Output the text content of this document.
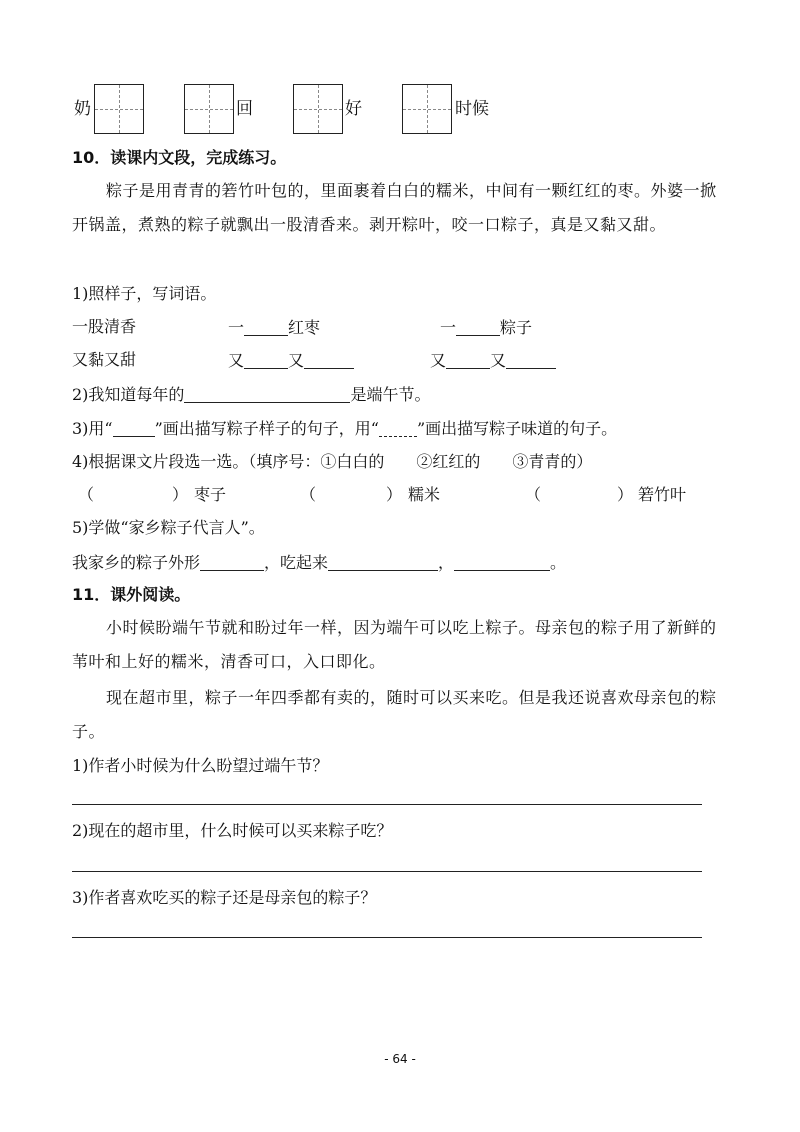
奶	回	好	时候
10．读课内文段，完成练习。
粽子是用青青的箬竹叶包的，里面裹着白白的糯米，中间有一颗红红的枣。外婆一掀开锅盖，煮熟的粽子就飘出一股清香来。剥开粽叶，咬一口粽子，真是又黏又甜。
1)照样子，写词语。
一股清香	一	红枣	一	粽子
又黏又甜	又	又	又	又
2)我知道每年的	是端午节。
3)用“	”画出描写粽子样子的句子，用“ ”画出描写粽子味道的句子。
4)根据课文片段选一选。（填序号：①白白的　　②红红的　　③青青的）
（	） 枣子	（	） 糯米	（	） 箬竹叶
5)学做“家乡粽子代言人”。
我家乡的粽子外形	，吃起来	，	。
11．课外阅读。
小时候盼端午节就和盼过年一样，因为端午可以吃上粽子。母亲包的粽子用了新鲜的苇叶和上好的糯米，清香可口，入口即化。
现在超市里，粽子一年四季都有卖的，随时可以买来吃。但是我还说喜欢母亲包的粽子。
1)作者小时候为什么盼望过端午节？
2)现在的超市里，什么时候可以买来粽子吃？
3)作者喜欢吃买的粽子还是母亲包的粽子？
- 64 -
